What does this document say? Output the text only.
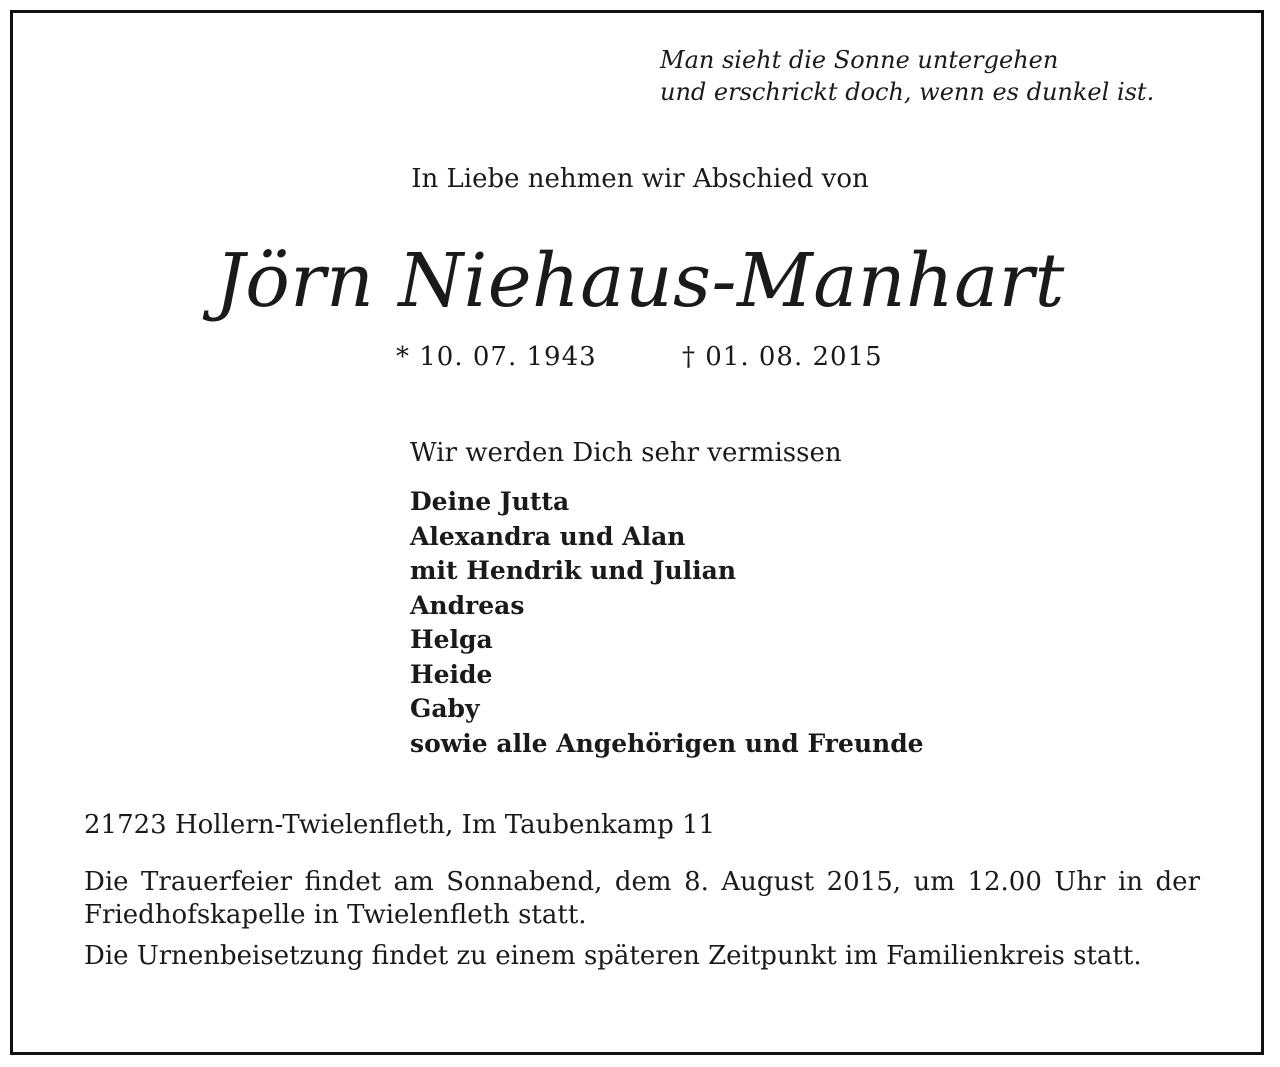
Man sieht die Sonne untergehen
und erschrickt doch, wenn es dunkel ist.
In Liebe nehmen wir Abschied von
Jörn Niehaus-Manhart
* 10. 07. 1943	† 01. 08. 2015
Wir werden Dich sehr vermissen
Deine Jutta
Alexandra und Alan
mit Hendrik und Julian
Andreas
Helga
Heide
Gaby
sowie alle Angehörigen und Freunde
21723 Hollern-Twielenfleth, Im Taubenkamp 11
Die Trauerfeier findet am Sonnabend, dem 8. August 2015, um 12.00 Uhr in der Friedhofskapelle in Twielenfleth statt.
Die Urnenbeisetzung findet zu einem späteren Zeitpunkt im Familienkreis statt.
